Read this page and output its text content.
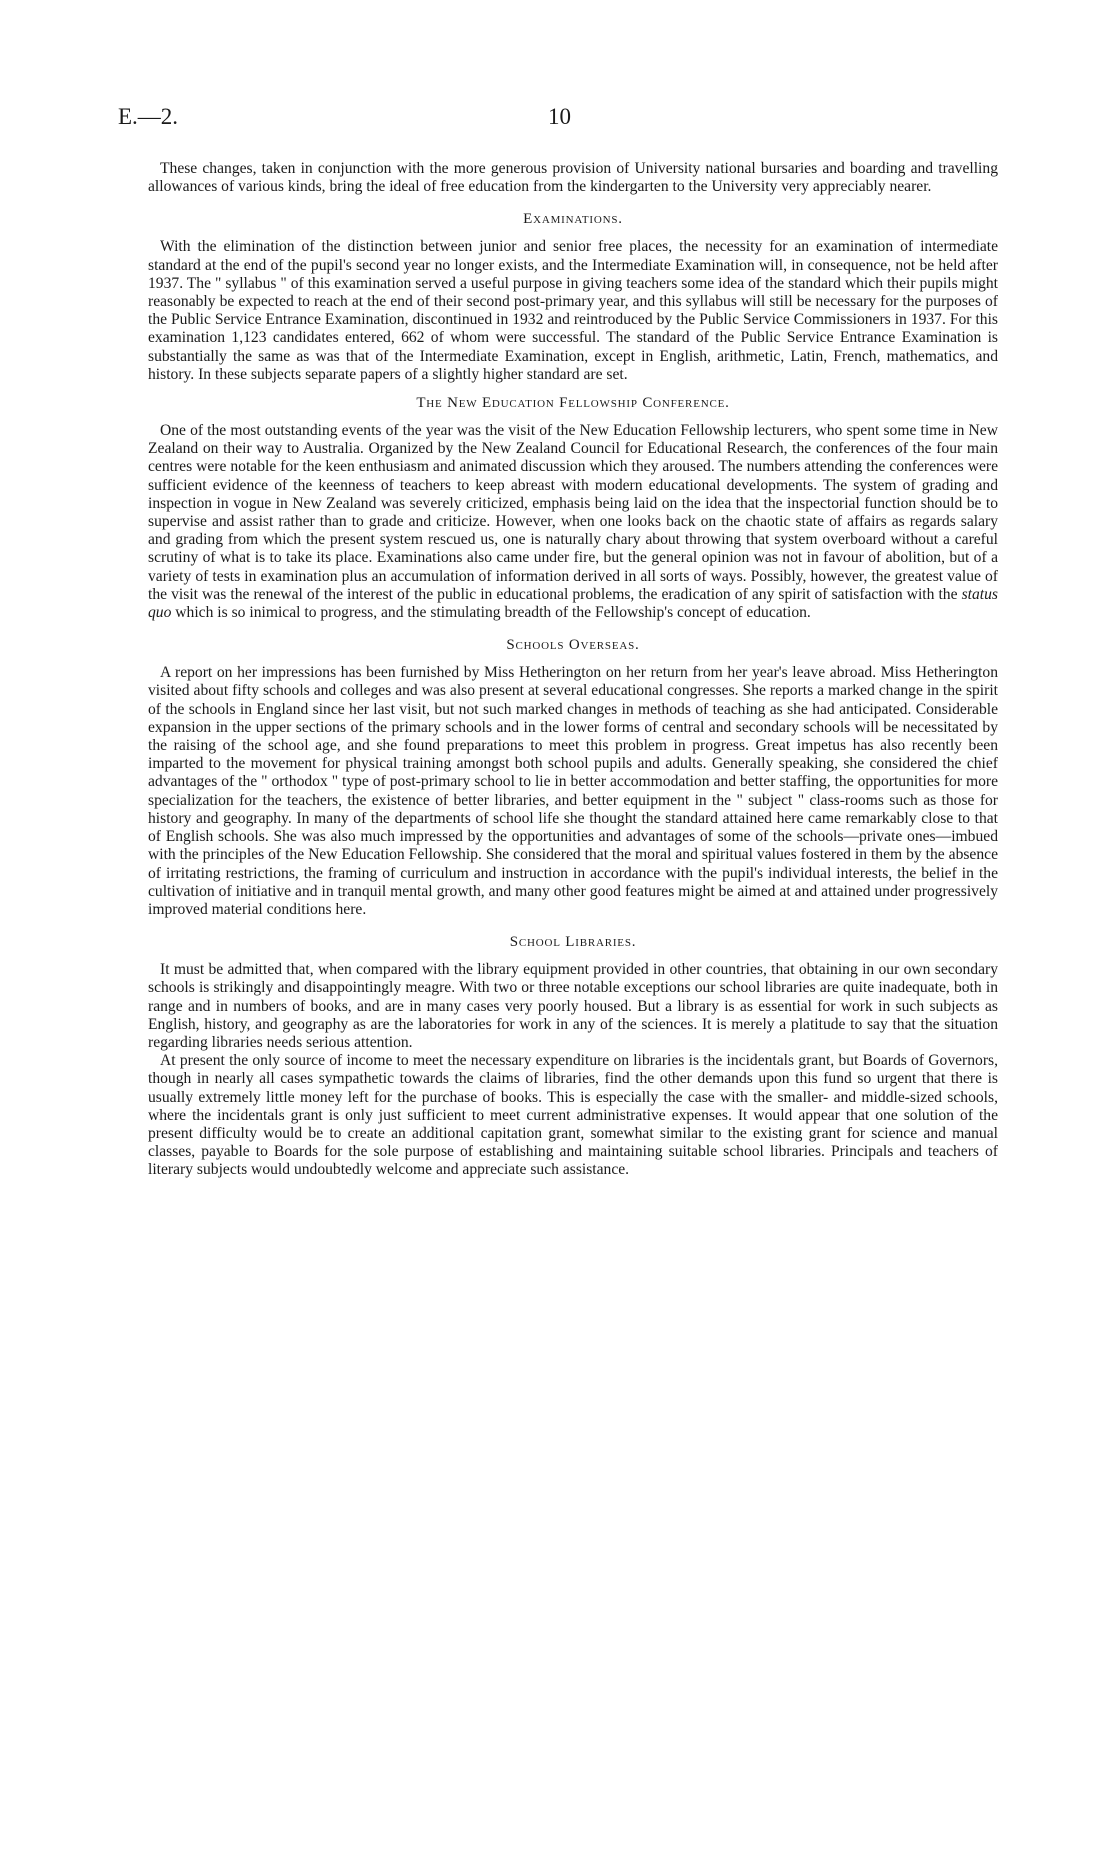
E.—2.	10

These changes, taken in conjunction with the more generous provision of University national bursaries and boarding and travelling allowances of various kinds, bring the ideal of free education from the kindergarten to the University very appreciably nearer.

Examinations.

With the elimination of the distinction between junior and senior free places, the necessity for an examination of intermediate standard at the end of the pupil's second year no longer exists, and the Intermediate Examination will, in consequence, not be held after 1937. The " syllabus " of this examination served a useful purpose in giving teachers some idea of the standard which their pupils might reasonably be expected to reach at the end of their second post-primary year, and this syllabus will still be necessary for the purposes of the Public Service Entrance Examination, discontinued in 1932 and reintroduced by the Public Service Commissioners in 1937. For this examination 1,123 candidates entered, 662 of whom were successful. The standard of the Public Service Entrance Examination is substantially the same as was that of the Intermediate Examination, except in English, arithmetic, Latin, French, mathematics, and history. In these subjects separate papers of a slightly higher standard are set.

The New Education Fellowship Conference.

One of the most outstanding events of the year was the visit of the New Education Fellowship lecturers, who spent some time in New Zealand on their way to Australia. Organized by the New Zealand Council for Educational Research, the conferences of the four main centres were notable for the keen enthusiasm and animated discussion which they aroused. The numbers attending the conferences were sufficient evidence of the keenness of teachers to keep abreast with modern educational developments. The system of grading and inspection in vogue in New Zealand was severely criticized, emphasis being laid on the idea that the inspectorial function should be to supervise and assist rather than to grade and criticize. However, when one looks back on the chaotic state of affairs as regards salary and grading from which the present system rescued us, one is naturally chary about throwing that system overboard without a careful scrutiny of what is to take its place. Examinations also came under fire, but the general opinion was not in favour of abolition, but of a variety of tests in examination plus an accumulation of information derived in all sorts of ways. Possibly, however, the greatest value of the visit was the renewal of the interest of the public in educational problems, the eradication of any spirit of satisfaction with the status quo which is so inimical to progress, and the stimulating breadth of the Fellowship's concept of education.

Schools Overseas.

A report on her impressions has been furnished by Miss Hetherington on her return from her year's leave abroad. Miss Hetherington visited about fifty schools and colleges and was also present at several educational congresses. She reports a marked change in the spirit of the schools in England since her last visit, but not such marked changes in methods of teaching as she had anticipated. Considerable expansion in the upper sections of the primary schools and in the lower forms of central and secondary schools will be necessitated by the raising of the school age, and she found preparations to meet this problem in progress. Great impetus has also recently been imparted to the movement for physical training amongst both school pupils and adults. Generally speaking, she considered the chief advantages of the " orthodox " type of post-primary school to lie in better accommodation and better staffing, the opportunities for more specialization for the teachers, the existence of better libraries, and better equipment in the " subject " class-rooms such as those for history and geography. In many of the departments of school life she thought the standard attained here came remarkably close to that of English schools. She was also much impressed by the opportunities and advantages of some of the schools—private ones—imbued with the principles of the New Education Fellowship. She considered that the moral and spiritual values fostered in them by the absence of irritating restrictions, the framing of curriculum and instruction in accordance with the pupil's individual interests, the belief in the cultivation of initiative and in tranquil mental growth, and many other good features might be aimed at and attained under progressively improved material conditions here.

School Libraries.

It must be admitted that, when compared with the library equipment provided in other countries, that obtaining in our own secondary schools is strikingly and disappointingly meagre. With two or three notable exceptions our school libraries are quite inadequate, both in range and in numbers of books, and are in many cases very poorly housed. But a library is as essential for work in such subjects as English, history, and geography as are the laboratories for work in any of the sciences. It is merely a platitude to say that the situation regarding libraries needs serious attention.

At present the only source of income to meet the necessary expenditure on libraries is the incidentals grant, but Boards of Governors, though in nearly all cases sympathetic towards the claims of libraries, find the other demands upon this fund so urgent that there is usually extremely little money left for the purchase of books. This is especially the case with the smaller- and middle-sized schools, where the incidentals grant is only just sufficient to meet current administrative expenses. It would appear that one solution of the present difficulty would be to create an additional capitation grant, somewhat similar to the existing grant for science and manual classes, payable to Boards for the sole purpose of establishing and maintaining suitable school libraries. Principals and teachers of literary subjects would undoubtedly welcome and appreciate such assistance.
